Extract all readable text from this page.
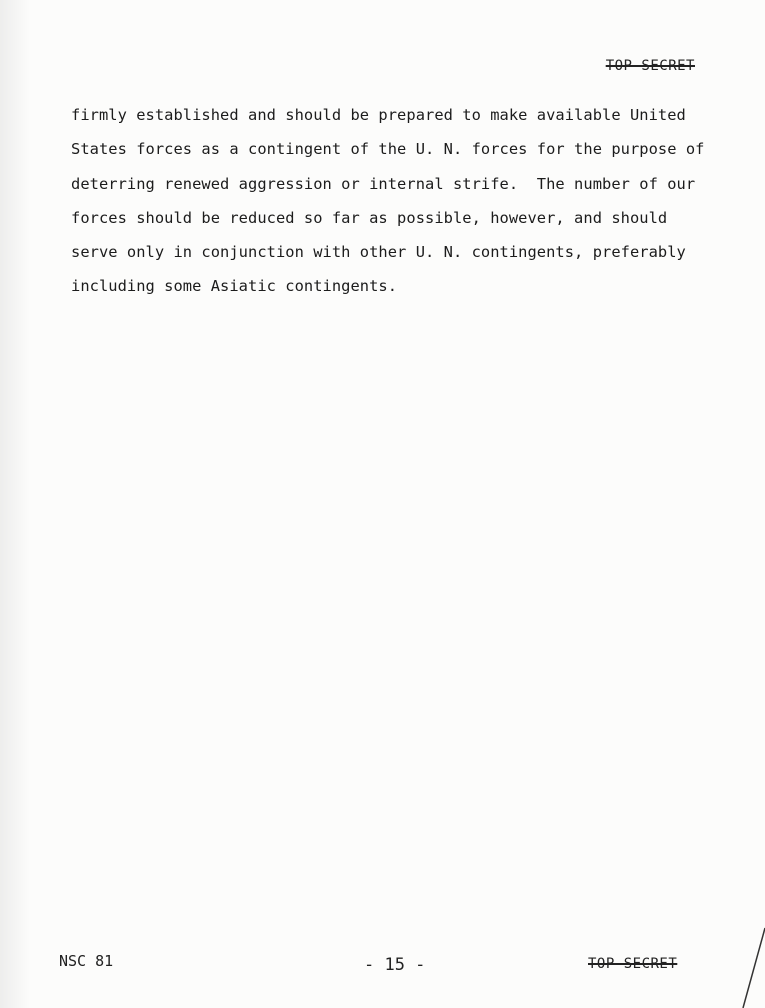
TOP SECRET
firmly established and should be prepared to make available United
States forces as a contingent of the U. N. forces for the purpose of
deterring renewed aggression or internal strife.  The number of our
forces should be reduced so far as possible, however, and should
serve only in conjunction with other U. N. contingents, preferably
including some Asiatic contingents.
NSC 81	- 15 -	TOP SECRET
